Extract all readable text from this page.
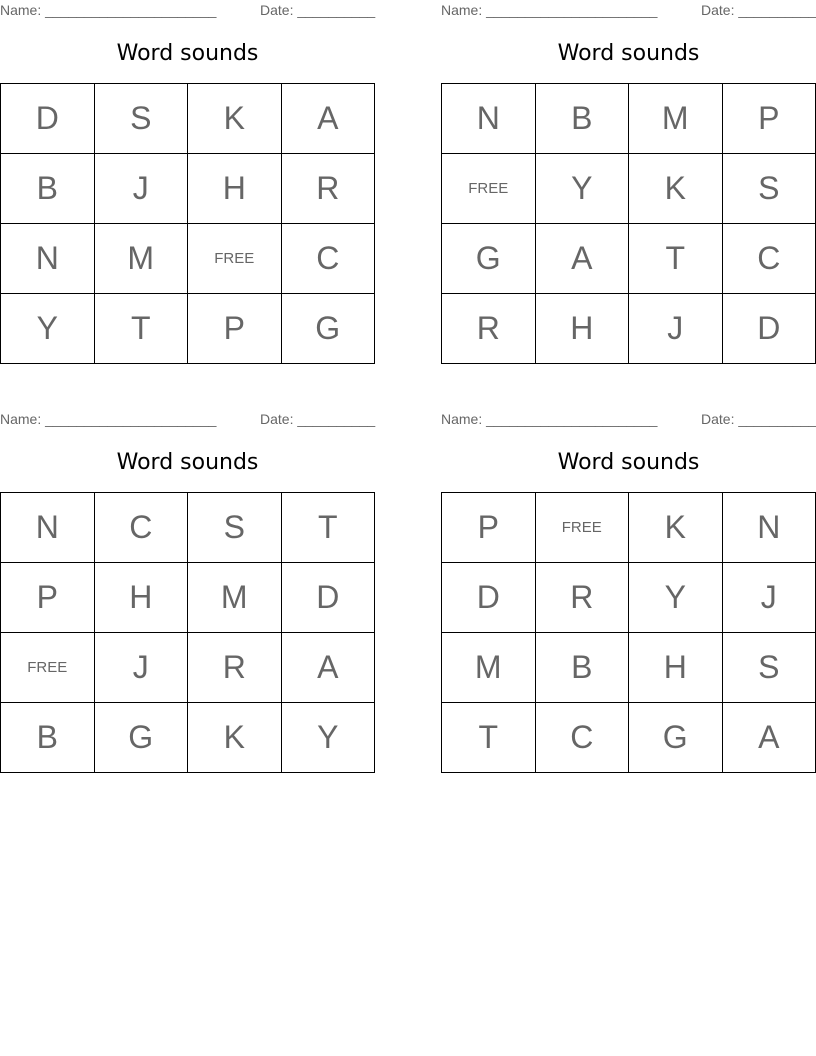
Name: ______________________	Date: __________
Word sounds
D	S	K	A
B	J	H	R
N	M	FREE	C
Y	T	P	G
Name: ______________________	Date: __________
Word sounds
N	B	M	P
FREE	Y	K	S
G	A	T	C
R	H	J	D
Name: ______________________	Date: __________
Word sounds
N	C	S	T
P	H	M	D
FREE	J	R	A
B	G	K	Y
Name: ______________________	Date: __________
Word sounds
P	FREE	K	N
D	R	Y	J
M	B	H	S
T	C	G	A
